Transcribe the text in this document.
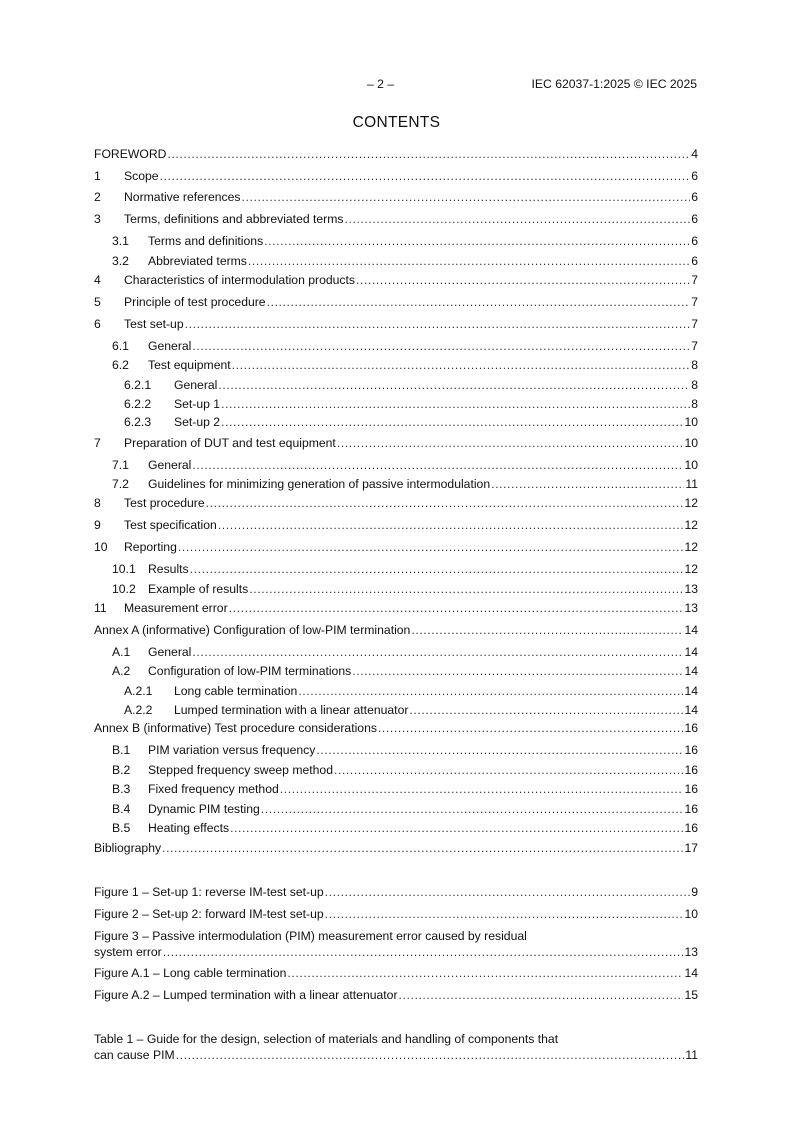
– 2 –	IEC 62037-1:2025 © IEC 2025
CONTENTS
FOREWORD .....	4
1	Scope .....	6
2	Normative references .....	6
3	Terms, definitions and abbreviated terms .....	6
3.1	Terms and definitions .....	6
3.2	Abbreviated terms .....	6
4	Characteristics of intermodulation products .....	7
5	Principle of test procedure .....	7
6	Test set-up .....	7
6.1	General .....	7
6.2	Test equipment .....	8
6.2.1	General .....	8
6.2.2	Set-up 1 .....	8
6.2.3	Set-up 2 .....	10
7	Preparation of DUT and test equipment .....	10
7.1	General .....	10
7.2	Guidelines for minimizing generation of passive intermodulation .....	11
8	Test procedure .....	12
9	Test specification .....	12
10	Reporting .....	12
10.1	Results .....	12
10.2	Example of results .....	13
11	Measurement error .....	13
Annex A (informative) Configuration of low-PIM termination .....	14
A.1	General .....	14
A.2	Configuration of low-PIM terminations .....	14
A.2.1	Long cable termination .....	14
A.2.2	Lumped termination with a linear attenuator .....	14
Annex B (informative) Test procedure considerations .....	16
B.1	PIM variation versus frequency .....	16
B.2	Stepped frequency sweep method .....	16
B.3	Fixed frequency method .....	16
B.4	Dynamic PIM testing .....	16
B.5	Heating effects .....	16
Bibliography .....	17
Figure 1 – Set-up 1: reverse IM-test set-up .....	9
Figure 2 – Set-up 2: forward IM-test set-up .....	10
Figure 3 – Passive intermodulation (PIM) measurement error caused by residual
system error .....	13
Figure A.1 – Long cable termination .....	14
Figure A.2 – Lumped termination with a linear attenuator .....	15
Table 1 – Guide for the design, selection of materials and handling of components that
can cause PIM .....	11
